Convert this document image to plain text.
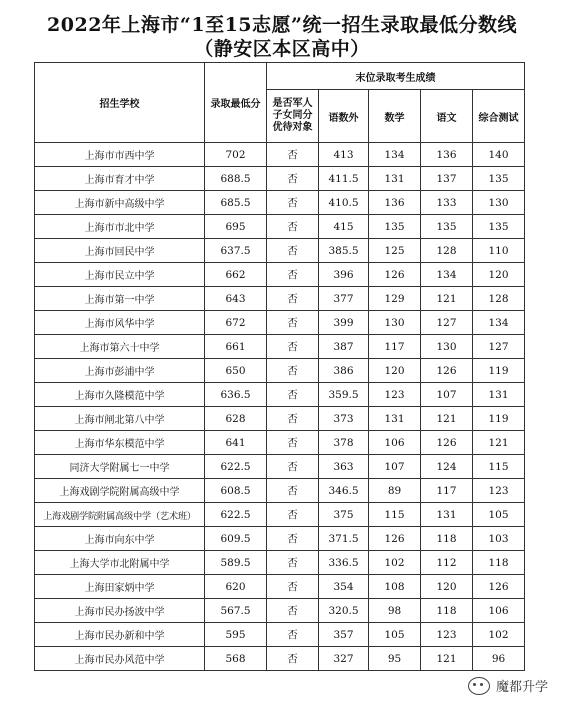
2022年上海市“1至15志愿”统一招生录取最低分数线
（静安区本区高中）
招生学校	录取最低分	末位录取考生成绩				
		是否军人子女同分优待对象	语数外	数学	语文	综合测试
上海市市西中学	702	否	413	134	136	140
上海市育才中学	688.5	否	411.5	131	137	135
上海市新中高级中学	685.5	否	410.5	136	133	130
上海市市北中学	695	否	415	135	135	135
上海市回民中学	637.5	否	385.5	125	128	110
上海市民立中学	662	否	396	126	134	120
上海市第一中学	643	否	377	129	121	128
上海市风华中学	672	否	399	130	127	134
上海市第六十中学	661	否	387	117	130	127
上海市彭浦中学	650	否	386	120	126	119
上海市久隆模范中学	636.5	否	359.5	123	107	131
上海市闸北第八中学	628	否	373	131	121	119
上海市华东模范中学	641	否	378	106	126	121
同济大学附属七一中学	622.5	否	363	107	124	115
上海戏剧学院附属高级中学	608.5	否	346.5	89	117	123
上海戏剧学院附属高级中学（艺术班）	622.5	否	375	115	131	105
上海市向东中学	609.5	否	371.5	126	118	103
上海大学市北附属中学	589.5	否	336.5	102	112	118
上海田家炳中学	620	否	354	108	120	126
上海市民办扬波中学	567.5	否	320.5	98	118	106
上海市民办新和中学	595	否	357	105	123	102
上海市民办风范中学	568	否	327	95	121	96
魔都升学
